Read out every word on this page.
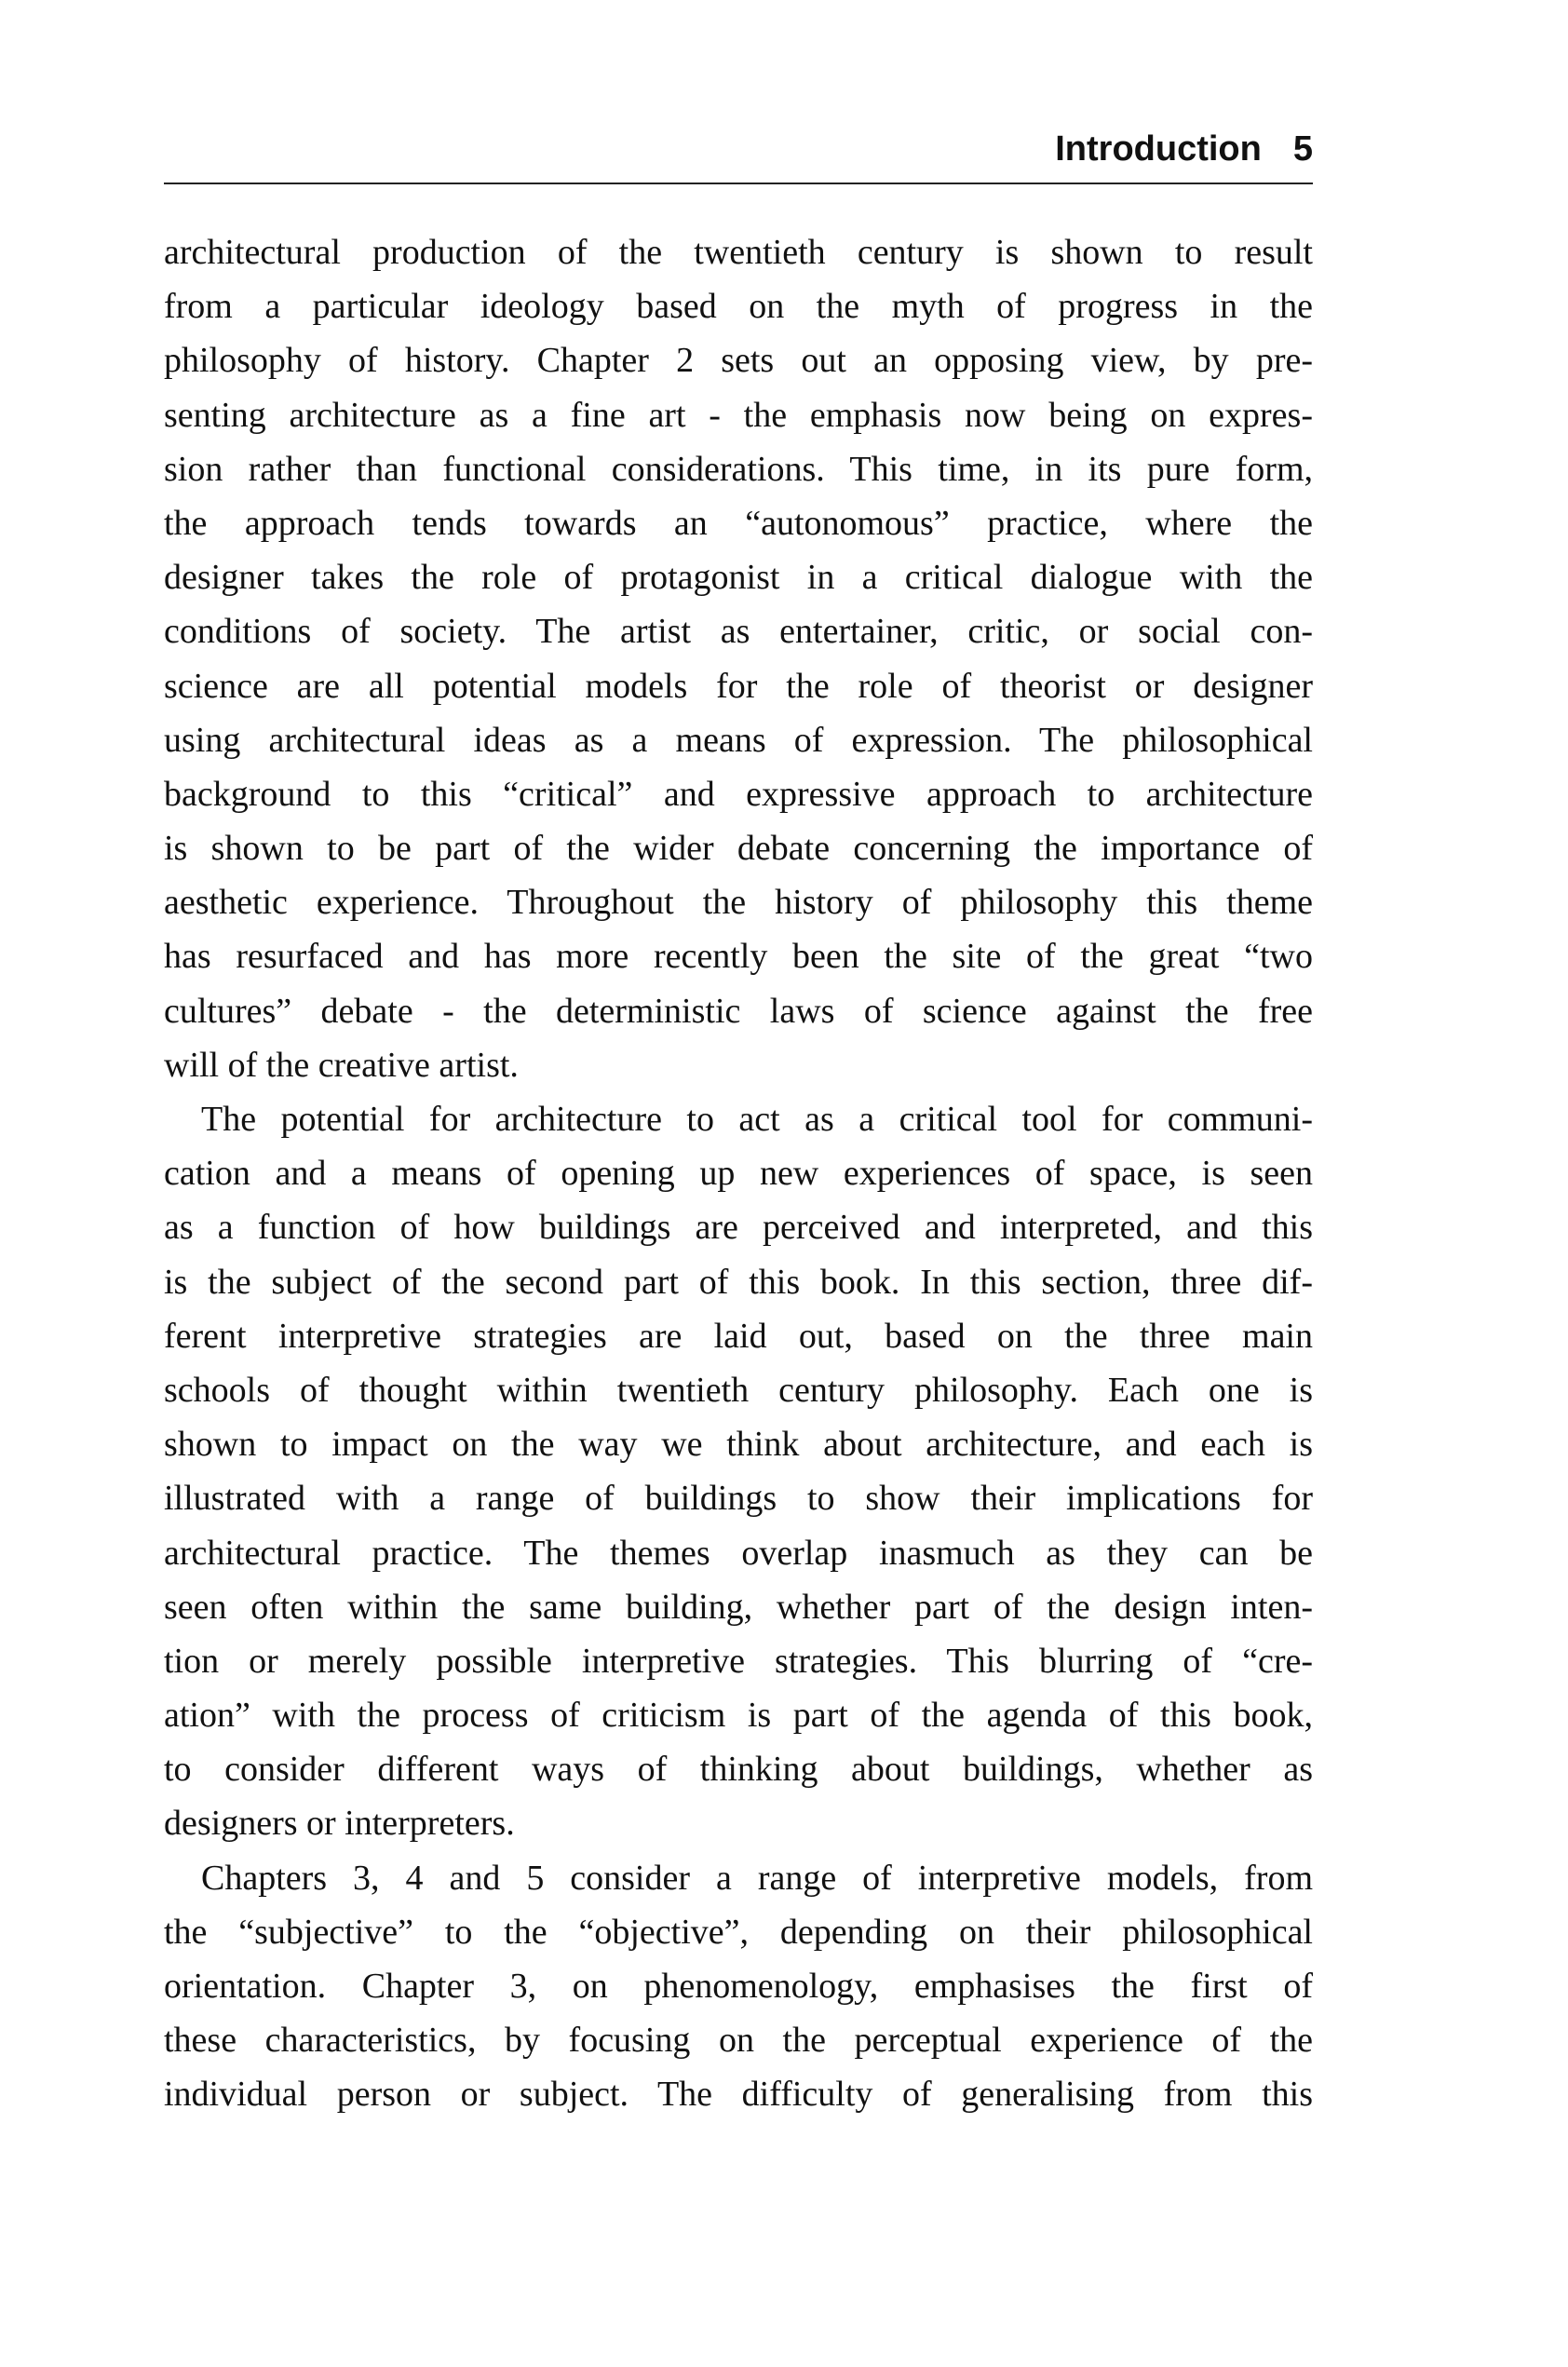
Introduction 5
architectural production of the twentieth century is shown to result
from a particular ideology based on the myth of progress in the
philosophy of history. Chapter 2 sets out an opposing view, by pre-
senting architecture as a fine art - the emphasis now being on expres-
sion rather than functional considerations. This time, in its pure form,
the approach tends towards an “autonomous” practice, where the
designer takes the role of protagonist in a critical dialogue with the
conditions of society. The artist as entertainer, critic, or social con-
science are all potential models for the role of theorist or designer
using architectural ideas as a means of expression. The philosophical
background to this “critical” and expressive approach to architecture
is shown to be part of the wider debate concerning the importance of
aesthetic experience. Throughout the history of philosophy this theme
has resurfaced and has more recently been the site of the great “two
cultures” debate - the deterministic laws of science against the free
will of the creative artist.
The potential for architecture to act as a critical tool for communi-
cation and a means of opening up new experiences of space, is seen
as a function of how buildings are perceived and interpreted, and this
is the subject of the second part of this book. In this section, three dif-
ferent interpretive strategies are laid out, based on the three main
schools of thought within twentieth century philosophy. Each one is
shown to impact on the way we think about architecture, and each is
illustrated with a range of buildings to show their implications for
architectural practice. The themes overlap inasmuch as they can be
seen often within the same building, whether part of the design inten-
tion or merely possible interpretive strategies. This blurring of “cre-
ation” with the process of criticism is part of the agenda of this book,
to consider different ways of thinking about buildings, whether as
designers or interpreters.
Chapters 3, 4 and 5 consider a range of interpretive models, from
the “subjective” to the “objective”, depending on their philosophical
orientation. Chapter 3, on phenomenology, emphasises the first of
these characteristics, by focusing on the perceptual experience of the
individual person or subject. The difficulty of generalising from this
